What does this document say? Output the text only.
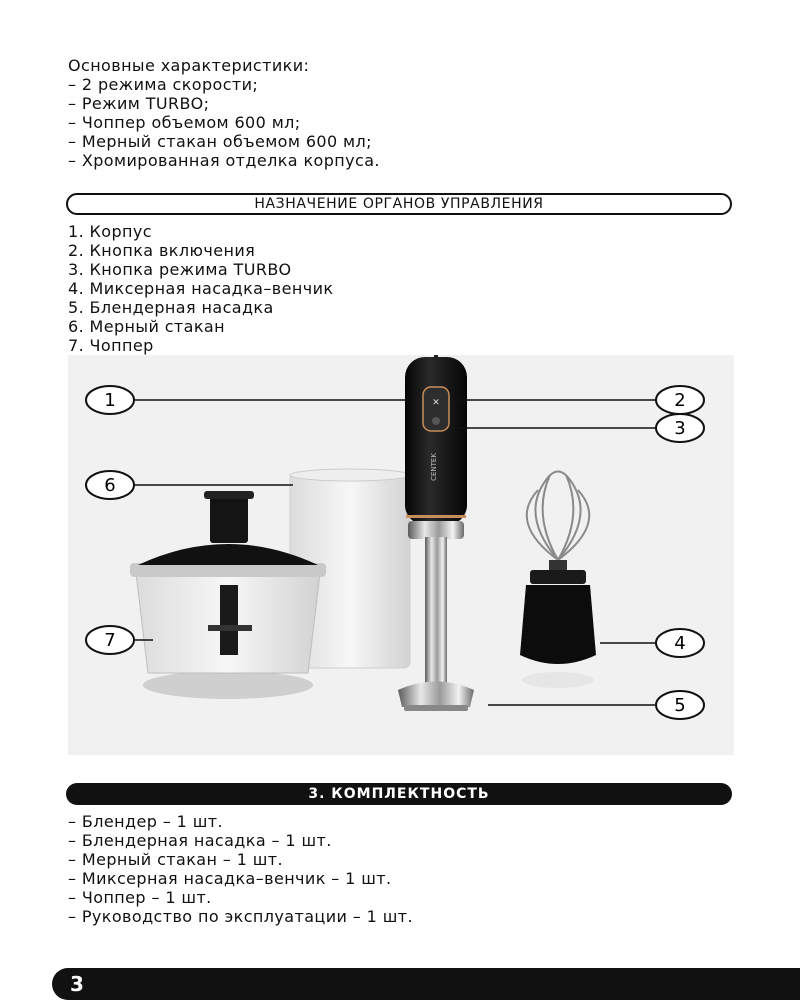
Основные характеристики:
– 2 режима скорости;
– Режим TURBO;
– Чоппер объемом 600 мл;
– Мерный стакан объемом 600 мл;
– Хромированная отделка корпуса.
НАЗНАЧЕНИЕ ОРГАНОВ УПРАВЛЕНИЯ
1. Корпус
2. Кнопка включения
3. Кнопка режима TURBO
4. Миксерная насадка–венчик
5. Блендерная насадка
6. Мерный стакан
7. Чоппер
✕
CENTEK
1	2
3
4
5
6
7
3. КОМПЛЕКТНОСТЬ
– Блендер – 1 шт.
– Блендерная насадка – 1 шт.
– Мерный стакан – 1 шт.
– Миксерная насадка–венчик – 1 шт.
– Чоппер – 1 шт.
– Руководство по эксплуатации – 1 шт.
3
